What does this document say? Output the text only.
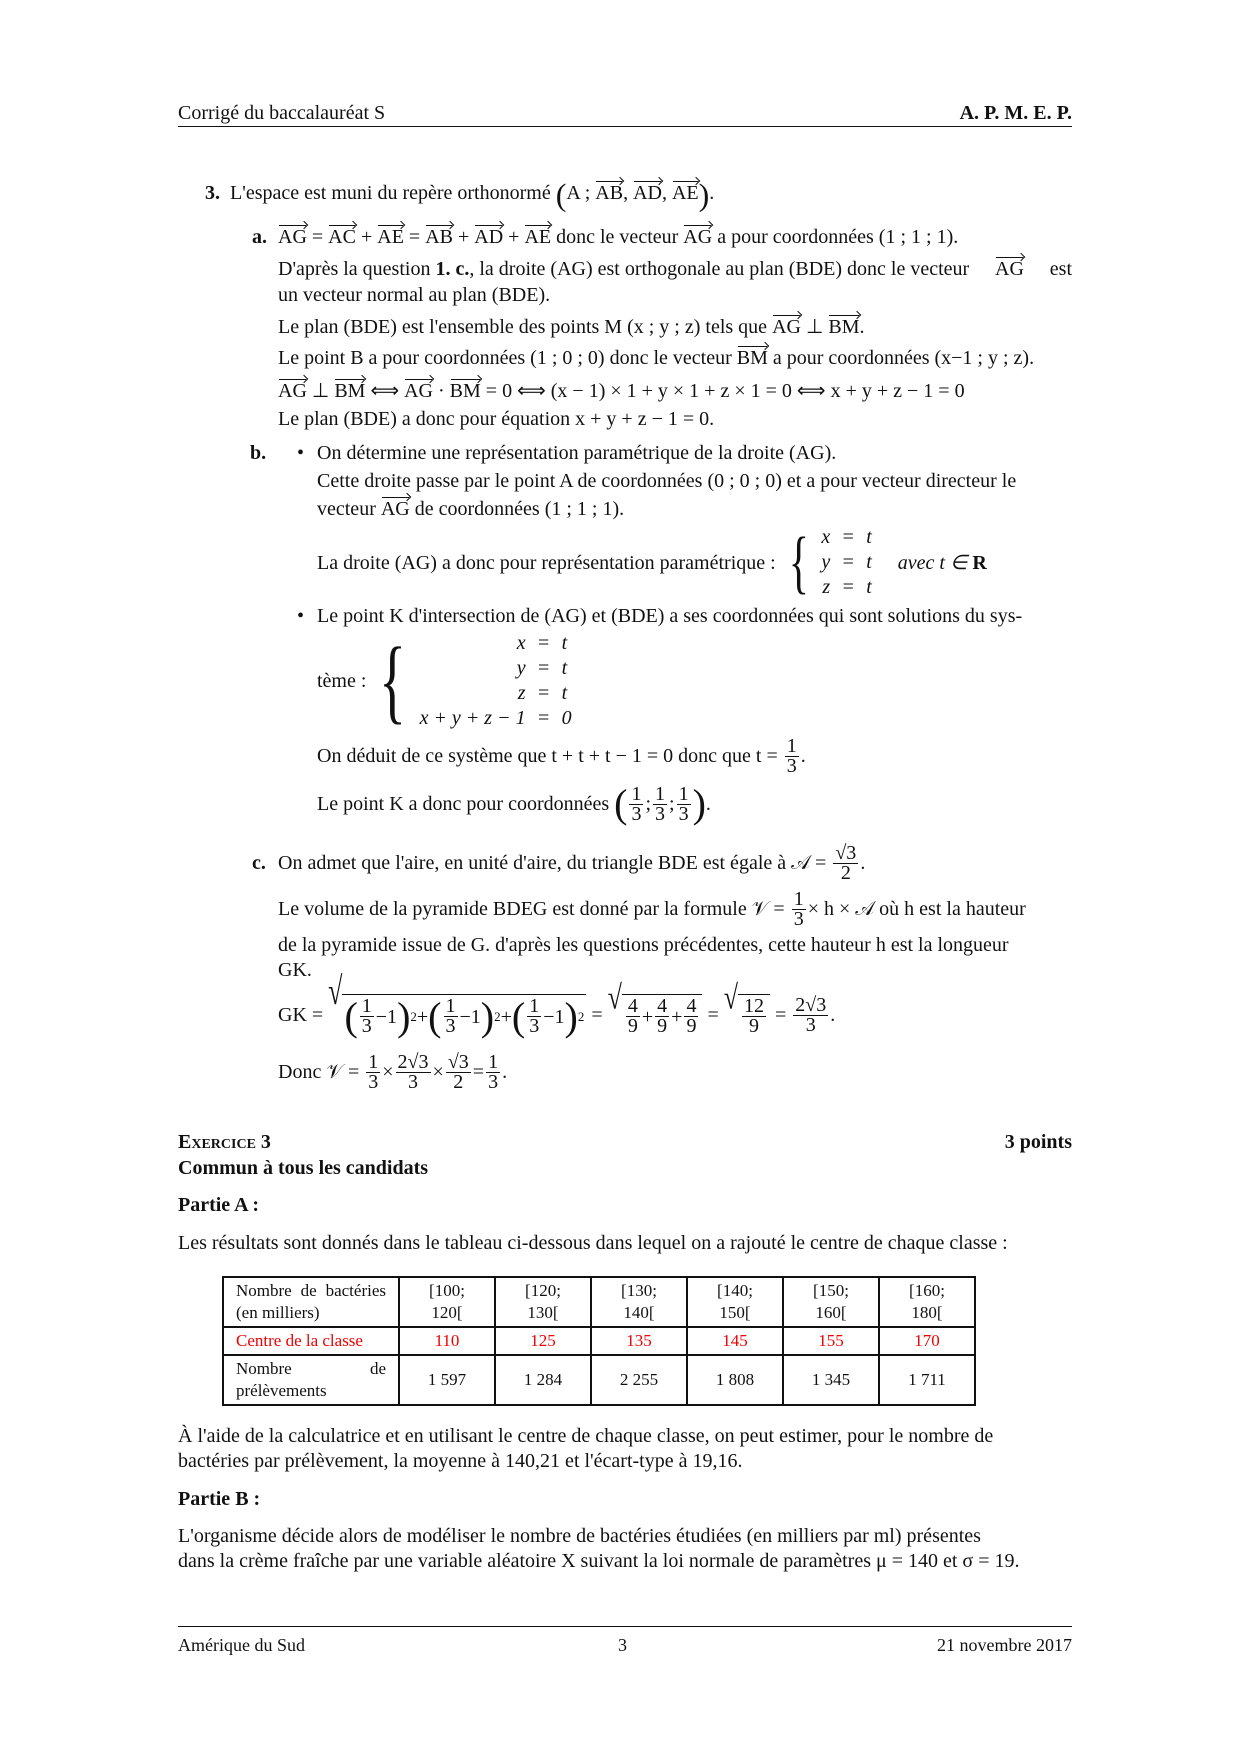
Corrigé du baccalauréat S	A. P. M. E. P.
3. L'espace est muni du repère orthonormé (A ; AB, AD, AE).
a. AG = AC + AE = AB + AD + AE donc le vecteur AG a pour coordonnées (1 ; 1 ; 1).
D'après la question 1. c., la droite (AG) est orthogonale au plan (BDE) donc le vecteur AG est
un vecteur normal au plan (BDE).
Le plan (BDE) est l'ensemble des points M (x ; y ; z) tels que AG ⊥ BM.
Le point B a pour coordonnées (1 ; 0 ; 0) donc le vecteur BM a pour coordonnées (x−1 ; y ; z).
AG ⊥ BM ⟺ AG · BM = 0 ⟺ (x − 1) × 1 + y × 1 + z × 1 = 0 ⟺ x + y + z − 1 = 0
Le plan (BDE) a donc pour équation x + y + z − 1 = 0.
b.	• On détermine une représentation paramétrique de la droite (AG).
Cette droite passe par le point A de coordonnées (0 ; 0 ; 0) et a pour vecteur directeur le
vecteur AG de coordonnées (1 ; 1 ; 1).
La droite (AG) a donc pour représentation paramétrique : { x = t
y = t
z = t
avec t ∈ R
• Le point K d'intersection de (AG) et (BDE) a ses coordonnées qui sont solutions du sys-
tème : {	x = t
y = t
z = t
x + y + z − 1 = 0
On déduit de ce système que t + t + t − 1 = 0 donc que t =
$\frac{1}{3}$ .
Le point K a donc pour coordonnées
( $\frac{1}{3}$ ; $\frac{1}{3}$ ; $\frac{1}{3}$ ) .
c. On admet que l'aire, en unité d'aire, du triangle BDE est égale à 𝒜 =
$\frac{√3}{2}$ .
Le volume de la pyramide BDEG est donné par la formule 𝒱 =
$\frac{1}{3} \times h$ × 𝒜 où h est la hauteur
de la pyramide issue de G. d'après les questions précédentes, cette hauteur h est la longueur
GK.
GK =

√
( $\frac{1}{3} -1$ ) 2 + ( $\frac{1}{3} -1$ ) 2 + ( $\frac{1}{3} -1$ ) 2 = √ $\frac{4}{9} + \frac{4}{9} + \frac{4}{9}$ = √ $\frac{12}{9} = \frac{2√3}{3}$ .
Donc 𝒱 =
$\frac{1}{3} \times \frac{2√3}{3} \times \frac{√3}{2} = \frac{1}{3}$ .
Exercice 3	3 points
Commun à tous les candidats
Partie A :
Les résultats sont donnés dans le tableau ci-dessous dans lequel on a rajouté le centre de chaque classe :
Nombre de bactéries (en milliers)	[100; 120[	[120; 130[	[130; 140[	[140; 150[	[150; 160[	[160; 180[
Centre de la classe	110	125	135	145	155	170
Nombre de prélèvements	1 597	1 284	2 255	1 808	1 345	1 711
À l'aide de la calculatrice et en utilisant le centre de chaque classe, on peut estimer, pour le nombre de
bactéries par prélèvement, la moyenne à 140,21 et l'écart-type à 19,16.
Partie B :
L'organisme décide alors de modéliser le nombre de bactéries étudiées (en milliers par ml) présentes
dans la crème fraîche par une variable aléatoire X suivant la loi normale de paramètres μ = 140 et σ = 19.
Amérique du Sud	3	21 novembre 2017
